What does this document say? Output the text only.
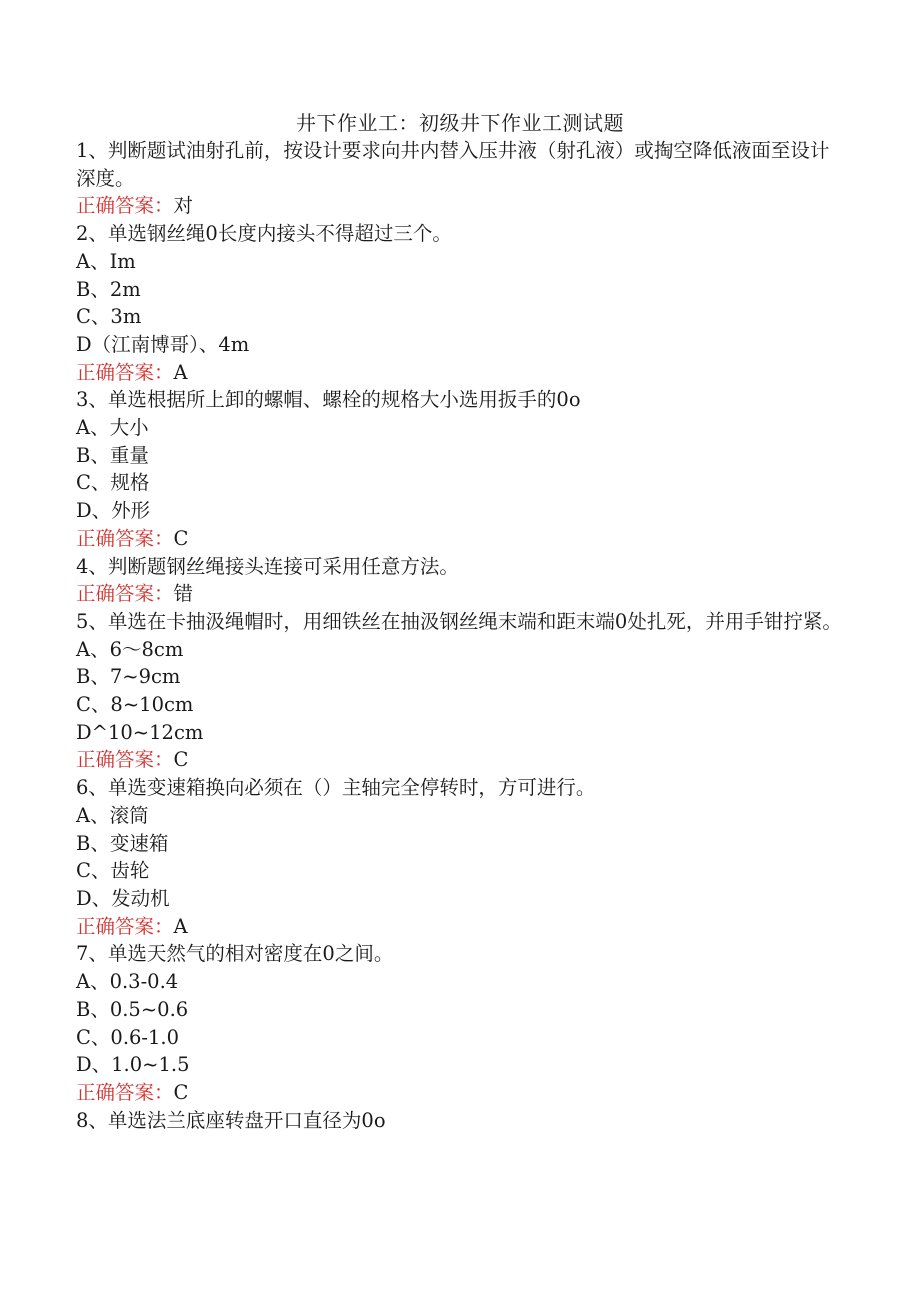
井下作业工：初级井下作业工测试题
1、判断题试油射孔前，按设计要求向井内替入压井液（射孔液）或掏空降低液面至设计深度。
正确答案：对
2、单选钢丝绳0长度内接头不得超过三个。
A、Im
B、2m
C、3m
D（江南博哥）、4m
正确答案：A
3、单选根据所上卸的螺帽、螺栓的规格大小选用扳手的0o
A、大小
B、重量
C、规格
D、外形
正确答案：C
4、判断题钢丝绳接头连接可采用任意方法。
正确答案：错
5、单选在卡抽汲绳帽时，用细铁丝在抽汲钢丝绳末端和距末端0处扎死，并用手钳拧紧。
A、6～8cm
B、7~9cm
C、8~10cm
D^10~12cm
正确答案：C
6、单选变速箱换向必须在（）主轴完全停转时，方可进行。
A、滚筒
B、变速箱
C、齿轮
D、发动机
正确答案：A
7、单选天然气的相对密度在0之间。
A、0.3-0.4
B、0.5~0.6
C、0.6-1.0
D、1.0~1.5
正确答案：C
8、单选法兰底座转盘开口直径为0o
